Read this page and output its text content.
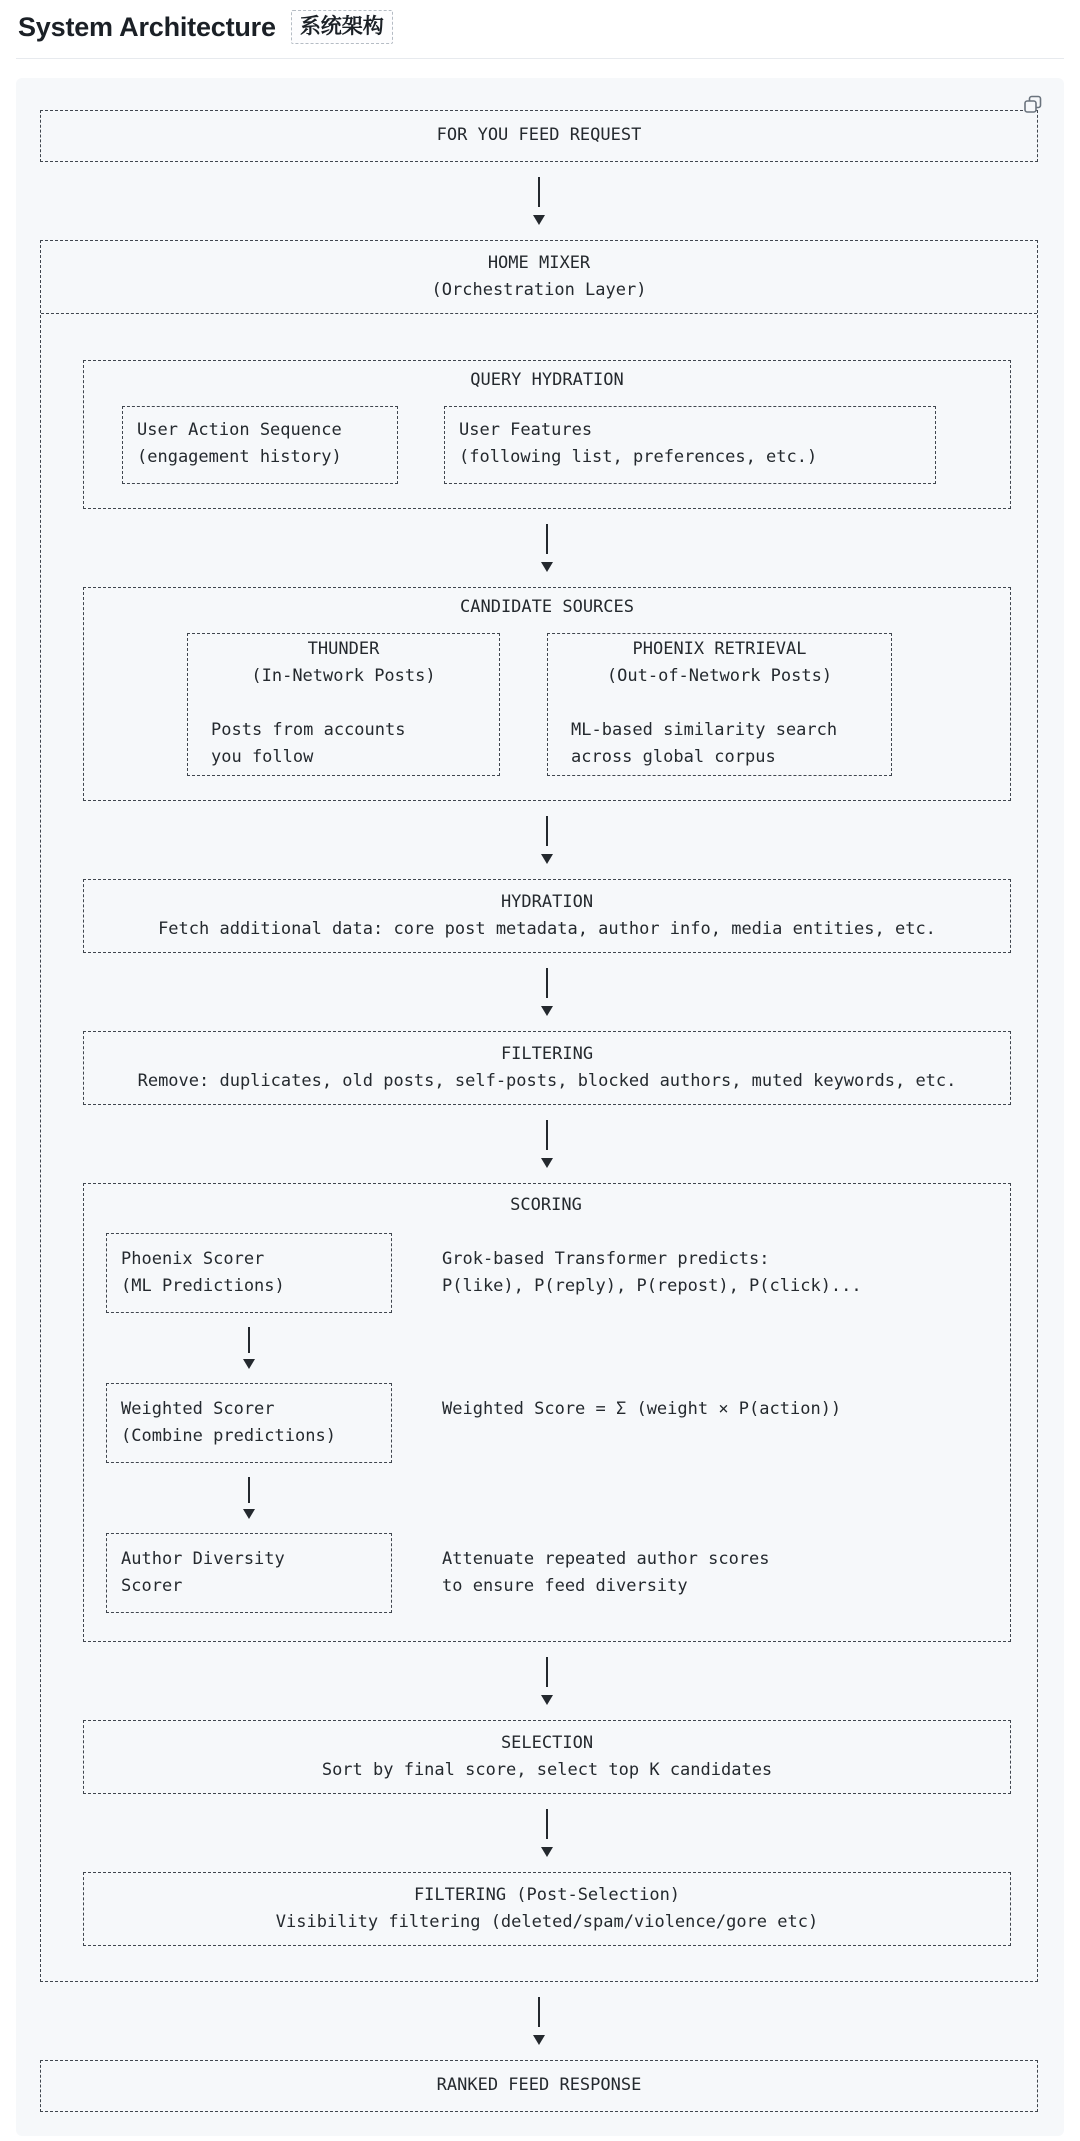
System Architecture	系统架构
FOR YOU FEED REQUEST
HOME MIXER
(Orchestration Layer)
QUERY HYDRATION
User Action Sequence
(engagement history)
User Features
(following list, preferences, etc.)
CANDIDATE SOURCES
THUNDER
(In-Network Posts)
Posts from accounts
you follow
PHOENIX RETRIEVAL
(Out-of-Network Posts)
ML-based similarity search
across global corpus
HYDRATION
Fetch additional data: core post metadata, author info, media entities, etc.
FILTERING
Remove: duplicates, old posts, self-posts, blocked authors, muted keywords, etc.
SCORING
Phoenix Scorer
(ML Predictions)
Grok-based Transformer predicts:
P(like), P(reply), P(repost), P(click)...
Weighted Scorer
(Combine predictions)
Weighted Score = Σ (weight × P(action))
Author Diversity
Scorer
Attenuate repeated author scores
to ensure feed diversity
SELECTION
Sort by final score, select top K candidates
FILTERING (Post-Selection)
Visibility filtering (deleted/spam/violence/gore etc)
RANKED FEED RESPONSE
